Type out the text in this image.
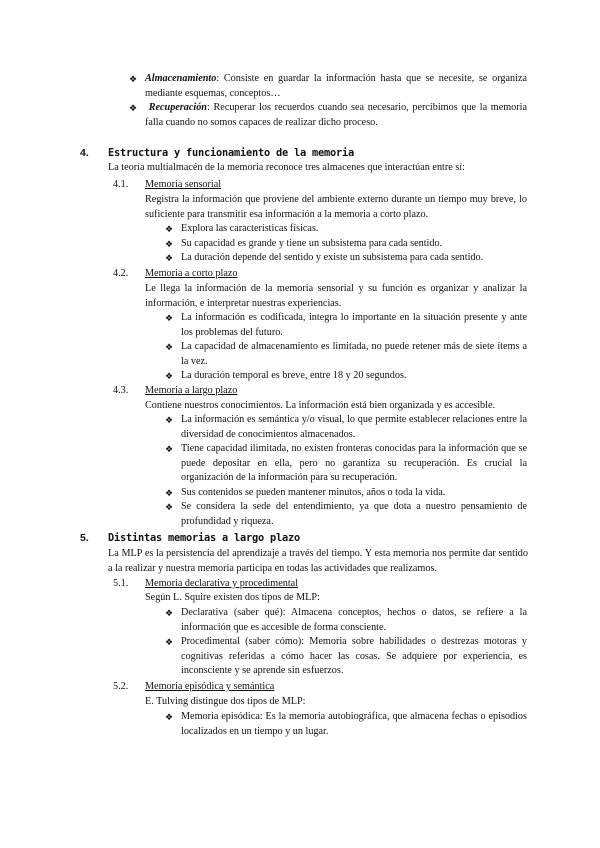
❖ Almacenamiento: Consiste en guardar la información hasta que se necesite, se organiza mediante esquemas, conceptos…
❖	Recuperación: Recuperar los recuerdos cuando sea necesario, percibimos que la memoria falla cuando no somos capaces de realizar dicho proceso.
4. Estructura y funcionamiento de la memoria
La teoría multialmacén de la memoria reconoce tres almacenes que interactúan entre sí:
4.1. Memoria sensorial
Registra la información que proviene del ambiente externo durante un tiempo muy breve, lo suficiente para transmitir esa información a la memoria a corto plazo.
❖ Explora las características físicas.
❖ Su capacidad es grande y tiene un subsistema para cada sentido.
❖ La duración depende del sentido y existe un subsistema para cada sentido.
4.2. Memoria a corto plazo
Le llega la información de la memoria sensorial y su función es organizar y analizar la información, e interpretar nuestras experiencias.
❖ La información es codificada, integra lo importante en la situación presente y ante los problemas del futuro.
❖ La capacidad de almacenamiento es limitada, no puede retener más de siete ítems a la vez.
❖ La duración temporal es breve, entre 18 y 20 segundos.
4.3. Memoria a largo plazo
Contiene nuestros conocimientos. La información está bien organizada y es accesible.
❖ La información es semántica y/o visual, lo que permite establecer relaciones entre la diversidad de conocimientos almacenados.
❖ Tiene capacidad ilimitada, no existen fronteras conocidas para la información que se puede depositar en ella, pero no garantiza su recuperación. Es crucial la organización de la información para su recuperación.
❖ Sus contenidos se pueden mantener minutos, años o toda la vida.
❖ Se considera la sede del entendimiento, ya que dota a nuestro pensamiento de profundidad y riqueza.
5. Distintas memorias a largo plazo
La MLP es la persistencia del aprendizaje a través del tiempo. Y esta memoria nos permite dar sentido a la realizar y nuestra memoria participa en todas las actividades que realizamos.
5.1. Memoria declarativa y procedimental
Según L. Squire existen dos tipos de MLP:
❖ Declarativa (saber qué): Almacena conceptos, hechos o datos, se refiere a la información que es accesible de forma consciente.
❖ Procedimental (saber cómo): Memoria sobre habilidades o destrezas motoras y cognitivas referidas a cómo hacer las cosas. Se adquiere por experiencia, es inconsciente y se aprende sin esfuerzos.
5.2. Memoria episódica y semántica
E. Tulving distingue dos tipos de MLP:
❖ Memoria episódica: Es la memoria autobiográfica, que almacena fechas o episodios localizados en un tiempo y un lugar.
